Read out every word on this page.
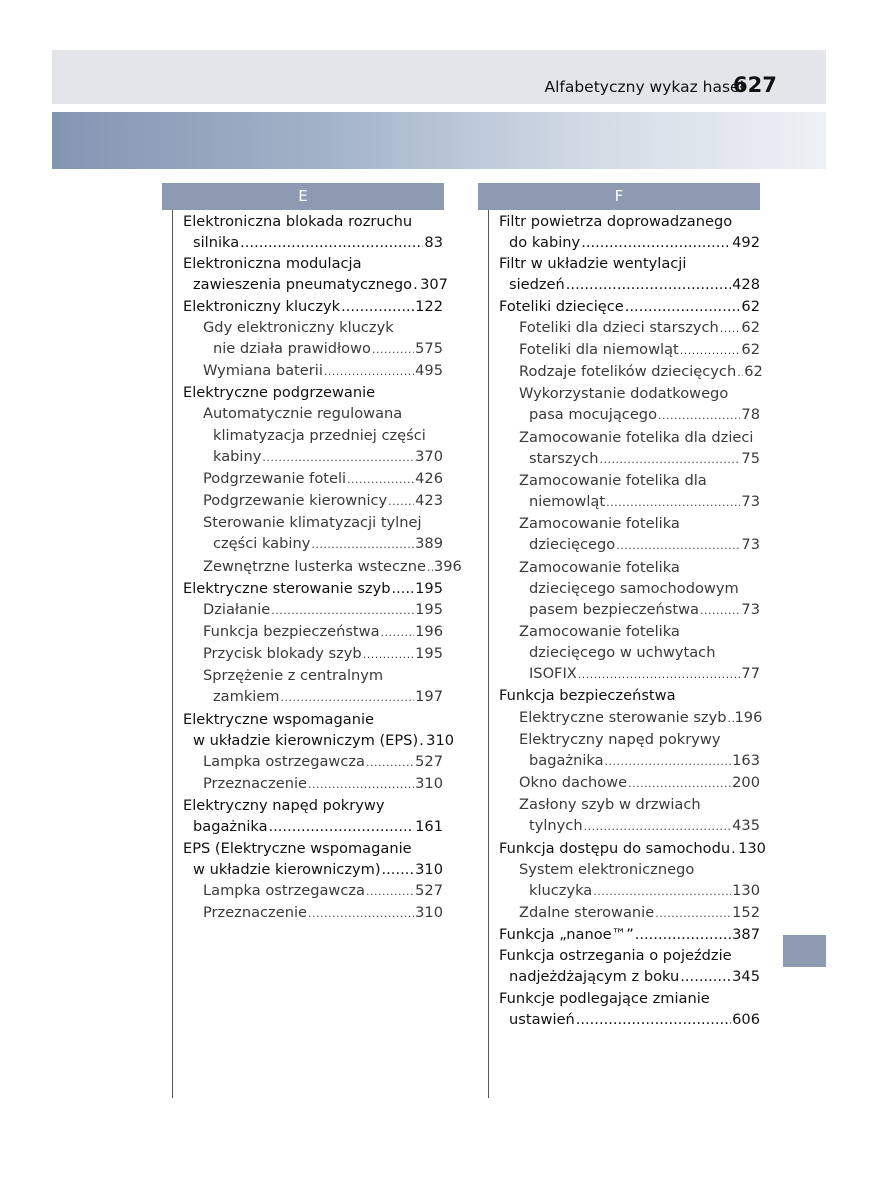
Alfabetyczny wykaz haseł
627
E	F
Elektroniczna blokada rozruchu
silnika .....	83
Elektroniczna modulacja
zawieszenia pneumatycznego ..... 307
Elektroniczny kluczyk .....	122
Gdy elektroniczny kluczyk
nie działa prawidłowo .....	575
Wymiana baterii .....	495
Elektryczne podgrzewanie
Automatycznie regulowana
klimatyzacja przedniej części
kabiny .....	370
Podgrzewanie foteli .....	426
Podgrzewanie kierownicy ..... 423
Sterowanie klimatyzacji tylnej
części kabiny .....	389
Zewnętrzne lusterka wsteczne ..... 396
Elektryczne sterowanie szyb ..... 195
Działanie .....	195
Funkcja bezpieczeństwa ..... 196
Przycisk blokady szyb .....	195
Sprzężenie z centralnym
zamkiem .....	197
Elektryczne wspomaganie
w układzie kierowniczym (EPS) ..... 310
Lampka ostrzegawcza .....	527
Przeznaczenie .....	310
Elektryczny napęd pokrywy
bagażnika .....	161
EPS (Elektryczne wspomaganie
w układzie kierowniczym) ..... 310
Lampka ostrzegawcza .....	527
Przeznaczenie .....	310
Filtr powietrza doprowadzanego
do kabiny .....	492
Filtr w układzie wentylacji
siedzeń .....	428
Foteliki dziecięce .....	62
Foteliki dla dzieci starszych ..... 62
Foteliki dla niemowląt .....	62
Rodzaje fotelików dziecięcych ..... 62
Wykorzystanie dodatkowego
pasa mocującego .....	78
Zamocowanie fotelika dla dzieci
starszych .....	75
Zamocowanie fotelika dla
niemowląt .....	73
Zamocowanie fotelika
dziecięcego .....	73
Zamocowanie fotelika
dziecięcego samochodowym
pasem bezpieczeństwa .....	73
Zamocowanie fotelika
dziecięcego w uchwytach
ISOFIX .....	77
Funkcja bezpieczeństwa
Elektryczne sterowanie szyb ..... 196
Elektryczny napęd pokrywy
bagażnika .....	163
Okno dachowe .....	200
Zasłony szyb w drzwiach
tylnych .....	435
Funkcja dostępu do samochodu ..... 130
System elektronicznego
kluczyka .....	130
Zdalne sterowanie .....	152
Funkcja „nanoe™” .....	387
Funkcja ostrzegania o pojeździe
nadjeżdżającym z boku .....	345
Funkcje podlegające zmianie
ustawień .....	606
